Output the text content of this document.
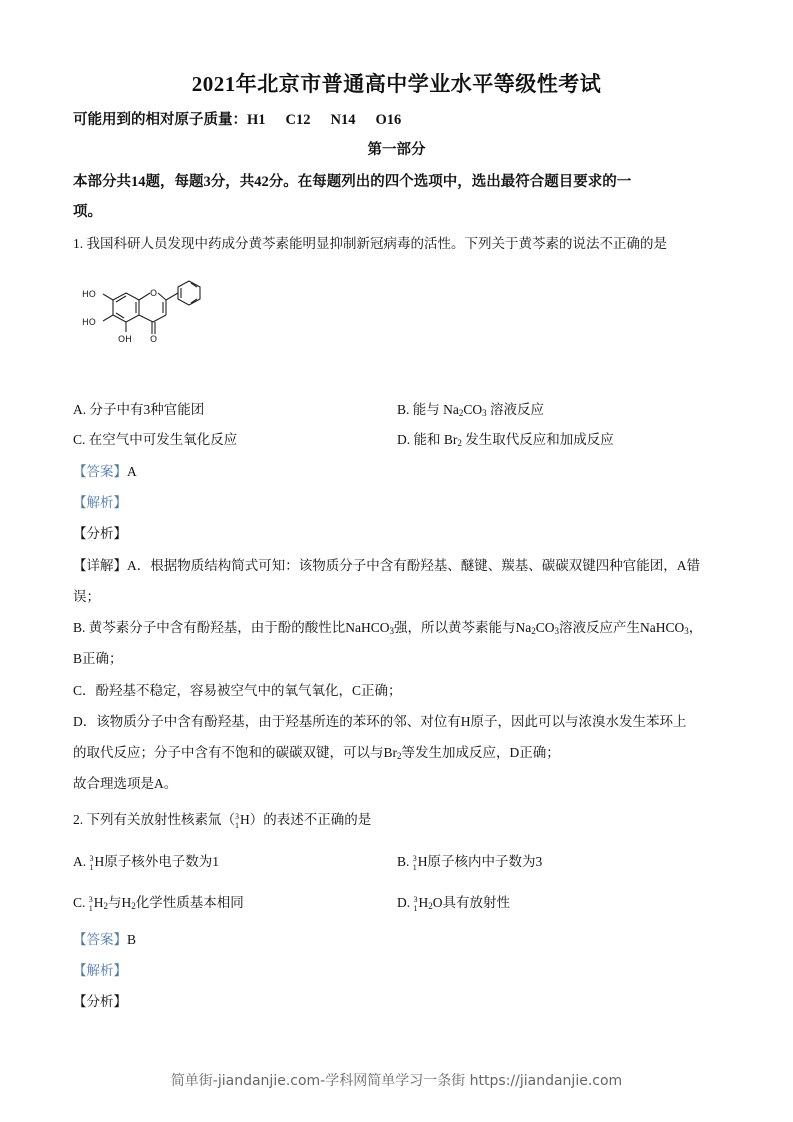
2021年北京市普通高中学业水平等级性考试
可能用到的相对原子质量：H1 C12 N14 O16
第一部分
本部分共14题，每题3分，共42分。在每题列出的四个选项中，选出最符合题目要求的一
项。
1. 我国科研人员发现中药成分黄芩素能明显抑制新冠病毒的活性。下列关于黄芩素的说法不正确的是
HO
HO
OH O
O
A. 分子中有3种官能团	B. 能与 $Na_2CO_3$ 溶液反应
C. 在空气中可发生氧化反应	D. 能和 $Br_2$ 发生取代反应和加成反应
【答案】A
【解析】
【分析】
【详解】A．根据物质结构简式可知：该物质分子中含有酚羟基、醚键、羰基、碳碳双键四种官能团，A错
误；
B. 黄芩素分子中含有酚羟基，由于酚的酸性比NaHCO$_3$强，所以黄芩素能与$Na_2CO_3$溶液反应产生NaHCO$_3$，
B正确；
C．酚羟基不稳定，容易被空气中的氧气氧化，C正确；
D．该物质分子中含有酚羟基，由于羟基所连的苯环的邻、对位有H原子，因此可以与浓溴水发生苯环上
的取代反应；分子中含有不饱和的碳碳双键，可以与$Br_2$等发生加成反应，D正确；
故合理选项是A。
2. 下列有关放射性核素氚（ 3
1 H）的表述不正确的是
A. 3
1 H原子核外电子数为1	B. 3
1 H原子核内中子数为3
C. 3
1 $H_2$与$H_2$化学性质基本相同	D. 3
1 $H_2O$具有放射性
【答案】B
【解析】
【分析】
简单街-jiandanjie.com-学科网简单学习一条街 https://jiandanjie.com
